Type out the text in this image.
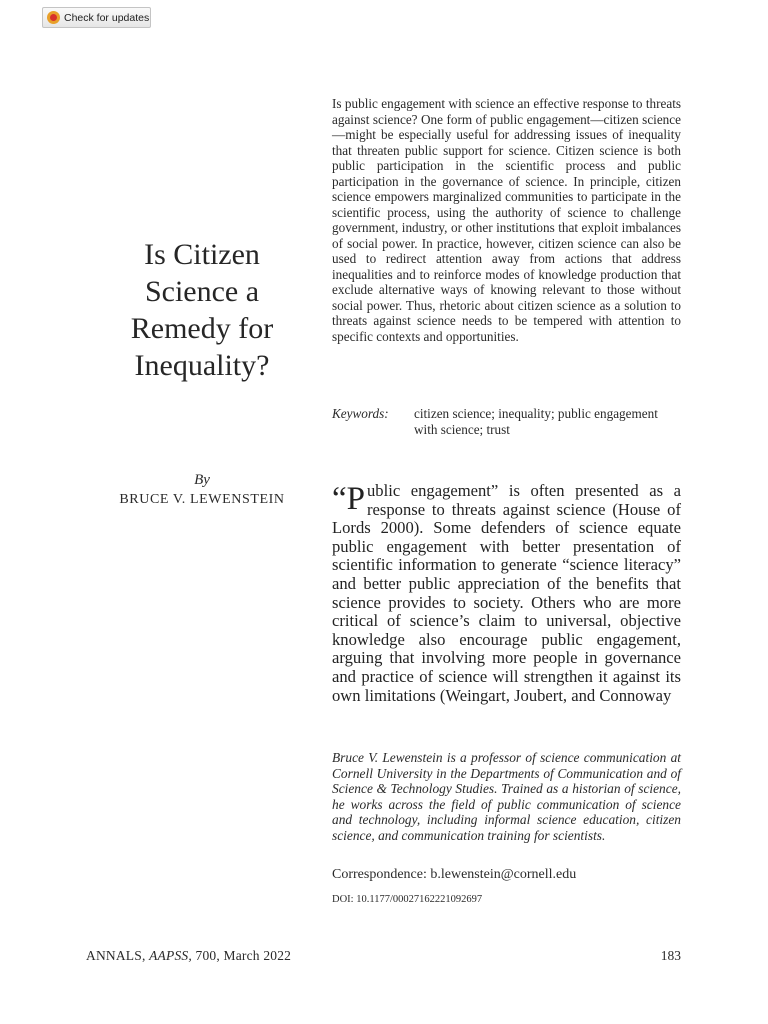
Check for updates
Is Citizen Science a Remedy for Inequality?
By
BRUCE V. LEWENSTEIN

Is public engagement with science an effective response to threats against science? One form of public engagement—citizen science—might be especially useful for addressing issues of inequality that threaten public support for science. Citizen science is both public participation in the scientific process and public participation in the governance of science. In principle, citizen science empowers marginalized communities to participate in the scientific process, using the authority of science to challenge government, industry, or other institutions that exploit imbalances of social power. In practice, however, citizen science can also be used to redirect attention away from actions that address inequalities and to reinforce modes of knowledge production that exclude alternative ways of knowing relevant to those without social power. Thus, rhetoric about citizen science as a solution to threats against science needs to be tempered with attention to specific contexts and opportunities.

Keywords:	citizen science; inequality; public engagement with science; trust

“Public engagement” is often presented as a response to threats against science (House of Lords 2000). Some defenders of science equate public engagement with better presentation of scientific information to generate “science literacy” and better public appreciation of the benefits that science provides to society. Others who are more critical of science’s claim to universal, objective knowledge also encourage public engagement, arguing that involving more people in governance and practice of science will strengthen it against its own limitations (Weingart, Joubert, and Connoway

Bruce V. Lewenstein is a professor of science communication at Cornell University in the Departments of Communication and of Science & Technology Studies. Trained as a historian of science, he works across the field of public communication of science and technology, including informal science education, citizen science, and communication training for scientists.

Correspondence: b.lewenstein@cornell.edu
DOI: 10.1177/00027162221092697
ANNALS, AAPSS, 700, March 2022	183
